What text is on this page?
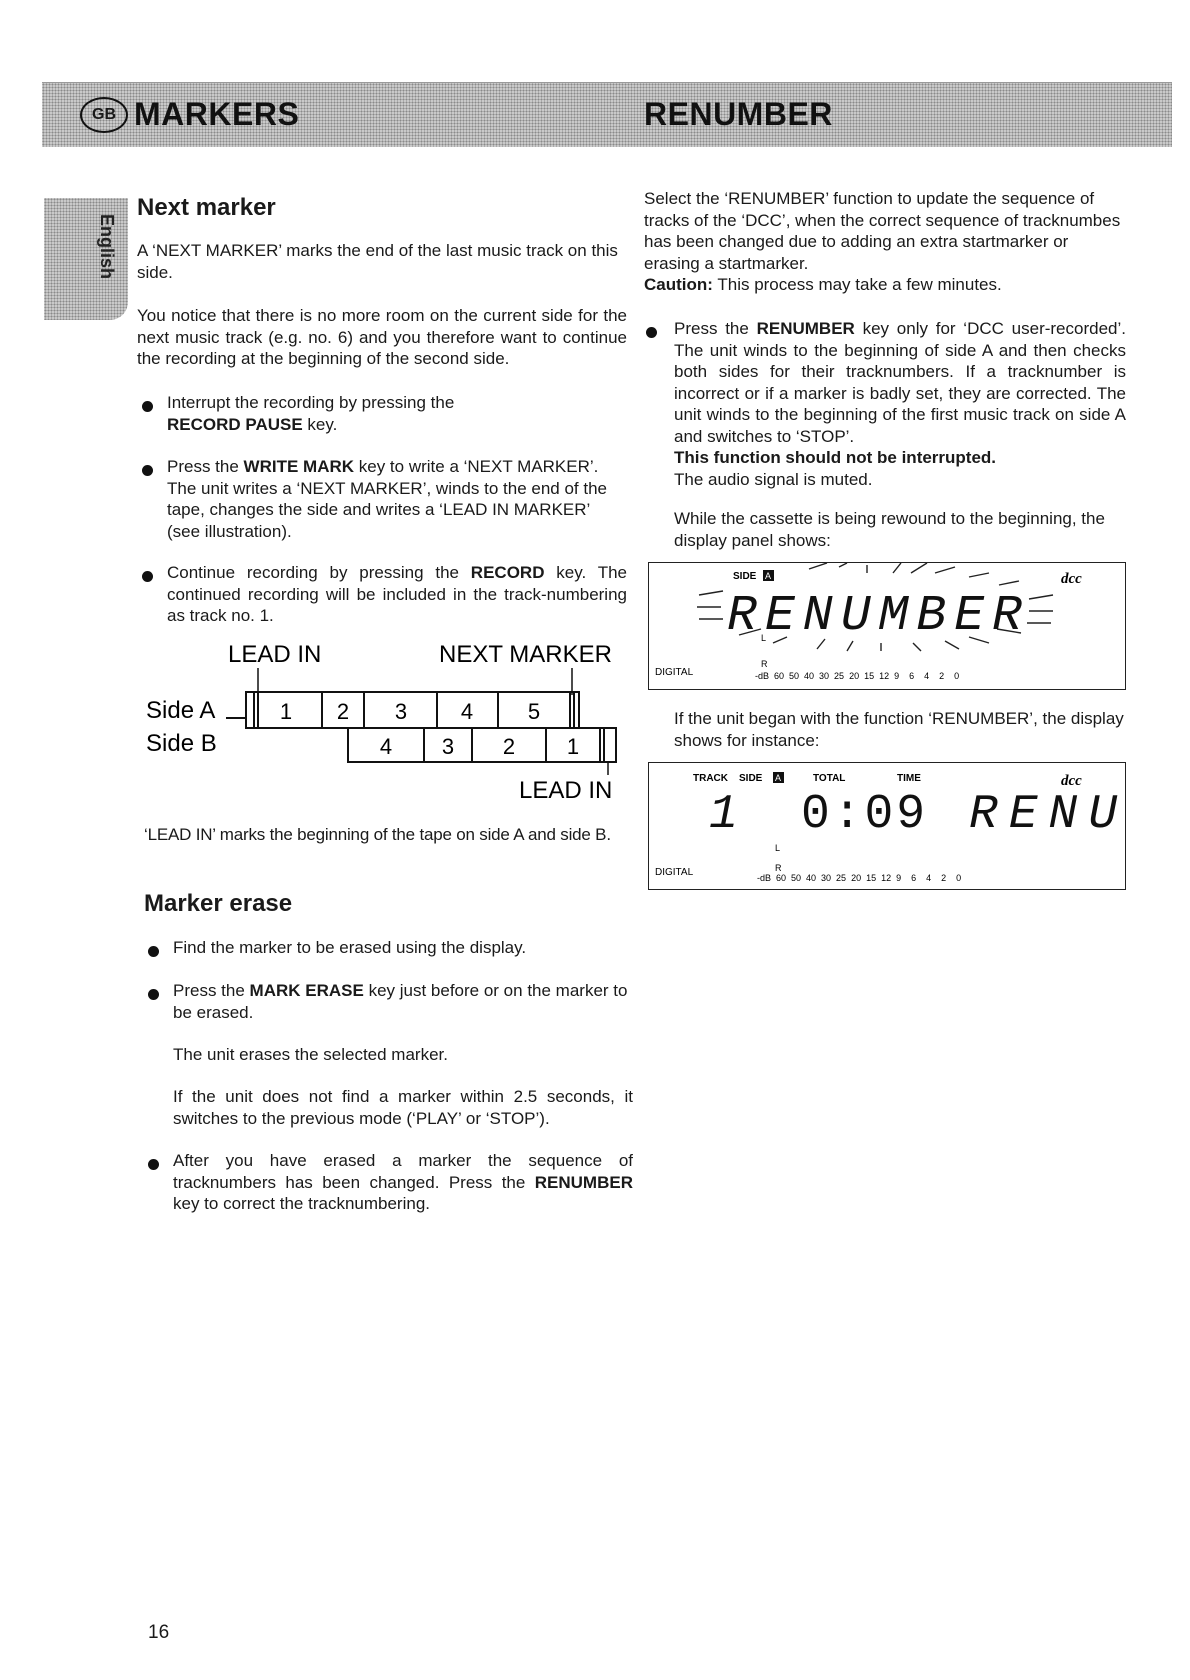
GB MARKERS	RENUMBER
English
Next marker
A ‘NEXT MARKER’ marks the end of the last music track on this side.
You notice that there is no more room on the current side for the next music track (e.g. no. 6) and you therefore want to continue the recording at the beginning of the second side.
Interrupt the recording by pressing the RECORD PAUSE key.
Press the WRITE MARK key to write a ‘NEXT MARKER’. The unit writes a ‘NEXT MARKER’, winds to the end of the tape, changes the side and writes a ‘LEAD IN MARKER’ (see illustration).
Continue recording by pressing the RECORD key. The continued recording will be included in the track-numbering as track no. 1.
LEAD IN	NEXT MARKER
Side A
Side B
LEAD IN
1 2 3 4 5
4 3 2 1
‘LEAD IN’ marks the beginning of the tape on side A and side B.
Marker erase
Find the marker to be erased using the display.
Press the MARK ERASE key just before or on the marker to be erased.
The unit erases the selected marker.
If the unit does not find a marker within 2.5 seconds, it switches to the previous mode (‘PLAY’ or ‘STOP’).
After you have erased a marker the sequence of tracknumbers has been changed. Press the RENUMBER key to correct the tracknumbering.
Select the ‘RENUMBER’ function to update the sequence of tracks of the ‘DCC’, when the correct sequence of tracknumbes has been changed due to adding an extra startmarker or erasing a startmarker.
Caution: This process may take a few minutes.
Press the RENUMBER key only for ‘DCC user-recorded’. The unit winds to the beginning of side A and then checks both sides for their tracknumbers. If a tracknumber is incorrect or if a marker is badly set, they are corrected. The unit winds to the beginning of the first music track on side A and switches to ‘STOP’.
This function should not be interrupted.
The audio signal is muted.
While the cassette is being rewound to the beginning, the display panel shows:
SIDE A	dcc
RENUMBER
L
R
DIGITAL	-dB  60  50  40  30  25  20  15  12  9    6    4    2    0
If the unit began with the function ‘RENUMBER’, the display shows for instance:
TRACK SIDE A	TOTAL	TIME	dcc
1 0:09 RENU
L
R
DIGITAL	-dB  60  50  40  30  25  20  15  12  9    6    4    2    0
16
